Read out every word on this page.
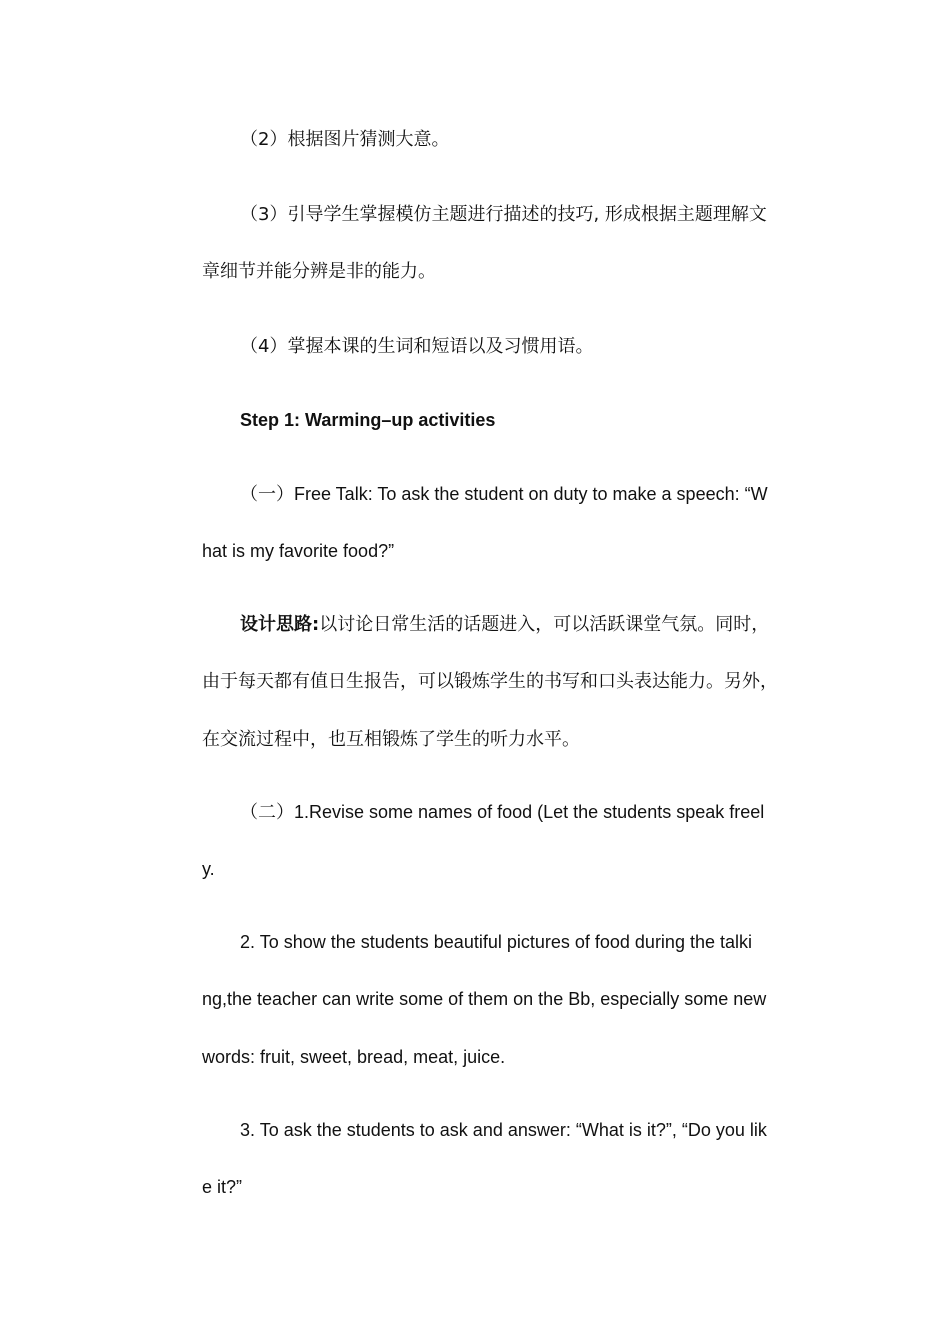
（2）根据图片猜测大意。

（3）引导学生掌握模仿主题进行描述的技巧, 形成根据主题理解文

章细节并能分辨是非的能力。

（4）掌握本课的生词和短语以及习惯用语。

Step 1: Warming–up activities

（一）Free Talk: To ask the student on duty to make a speech: “W

hat is my favorite food?”

设计思路:以讨论日常生活的话题进入，可以活跃课堂气氛。同时，

由于每天都有值日生报告，可以锻炼学生的书写和口头表达能力。另外，

在交流过程中，也互相锻炼了学生的听力水平。

（二）1.Revise some names of food (Let the students speak freel

y.

2. To show the students beautiful pictures of food during the talki

ng,the teacher can write some of them on the Bb, especially some new

words: fruit, sweet, bread, meat, juice.

3. To ask the students to ask and answer: “What is it?”, “Do you lik

e it?”
